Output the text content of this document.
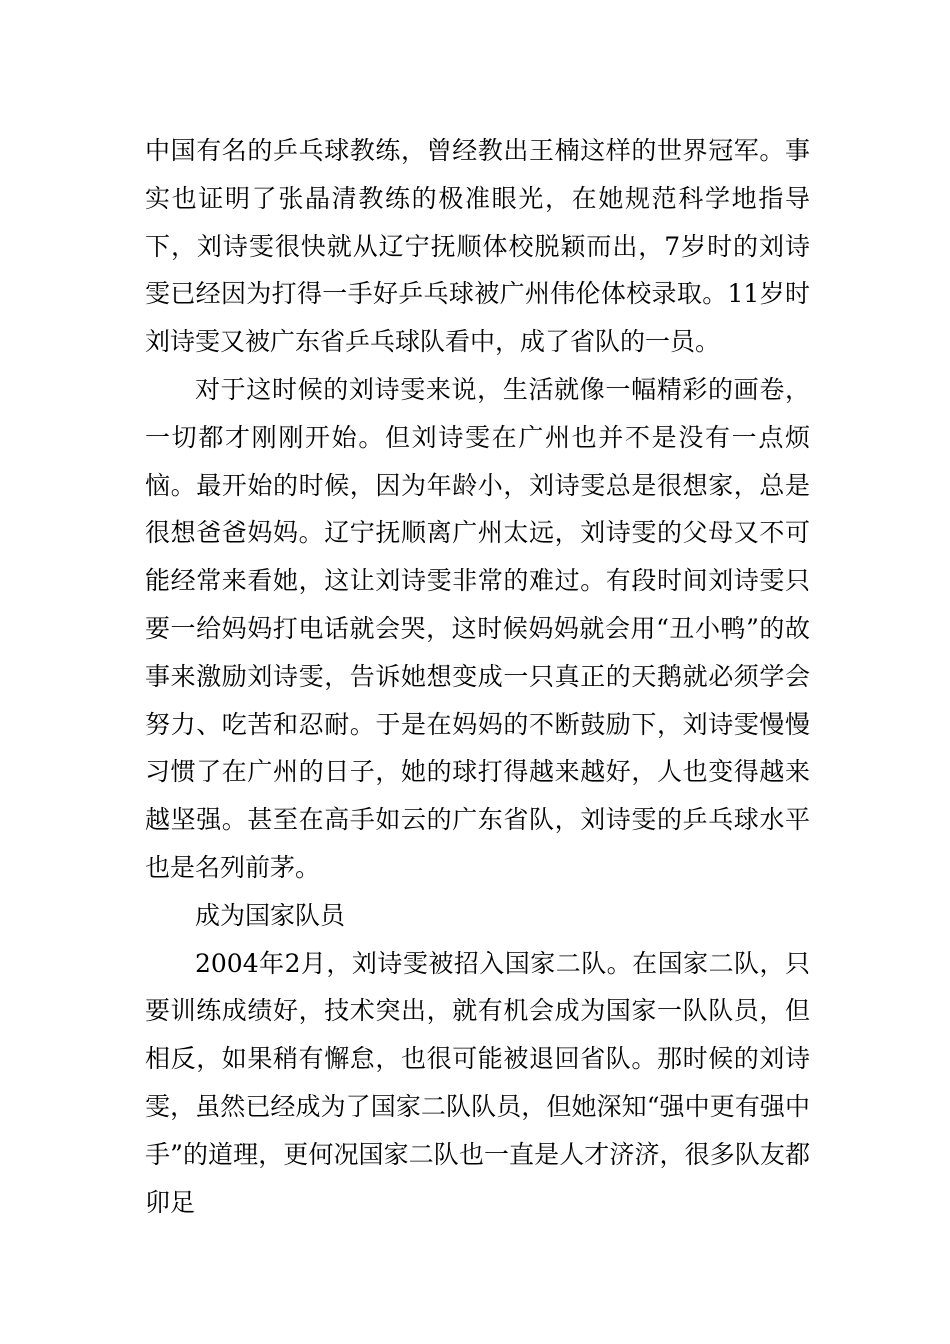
中国有名的乒乓球教练，曾经教出王楠这样的世界冠军。事实也证明了张晶清教练的极准眼光，在她规范科学地指导下，刘诗雯很快就从辽宁抚顺体校脱颖而出，7岁时的刘诗雯已经因为打得一手好乒乓球被广州伟伦体校录取。11岁时刘诗雯又被广东省乒乓球队看中，成了省队的一员。

对于这时候的刘诗雯来说，生活就像一幅精彩的画卷，一切都才刚刚开始。但刘诗雯在广州也并不是没有一点烦恼。最开始的时候，因为年龄小，刘诗雯总是很想家，总是很想爸爸妈妈。辽宁抚顺离广州太远，刘诗雯的父母又不可能经常来看她，这让刘诗雯非常的难过。有段时间刘诗雯只要一给妈妈打电话就会哭，这时候妈妈就会用“丑小鸭”的故事来激励刘诗雯，告诉她想变成一只真正的天鹅就必须学会努力、吃苦和忍耐。于是在妈妈的不断鼓励下，刘诗雯慢慢习惯了在广州的日子，她的球打得越来越好，人也变得越来越坚强。甚至在高手如云的广东省队，刘诗雯的乒乓球水平也是名列前茅。

成为国家队员

2004年2月，刘诗雯被招入国家二队。在国家二队，只要训练成绩好，技术突出，就有机会成为国家一队队员，但相反，如果稍有懈怠，也很可能被退回省队。那时候的刘诗雯，虽然已经成为了国家二队队员，但她深知“强中更有强中手”的道理，更何况国家二队也一直是人才济济，很多队友都卯足
